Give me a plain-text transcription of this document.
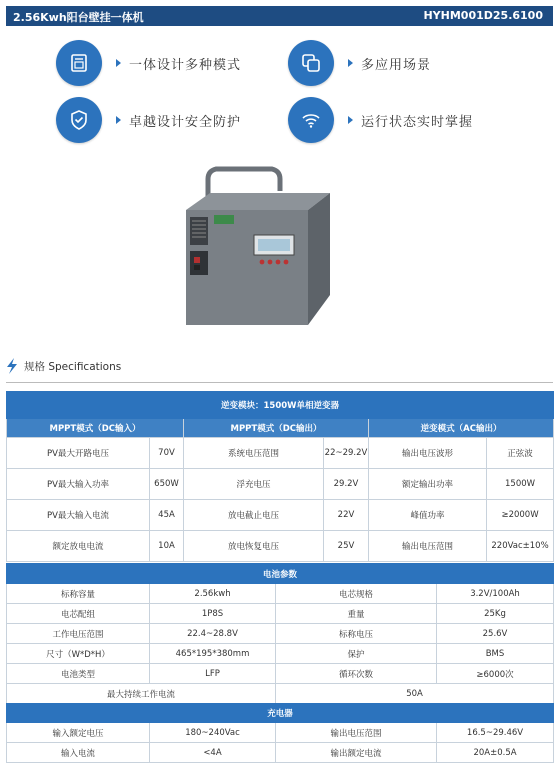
2.56Kwh阳台壁挂一体机	HYHM001D25.6100
一体设计多种模式	多应用场景
卓越设计安全防护	运行状态实时掌握
规格 Specifications
逆变模块：1500W单相逆变器					
MPPT模式（DC输入）		MPPT模式（DC输出）		逆变模式（AC输出）	
PV最大开路电压	70V	系统电压范围	22~29.2V	输出电压波形	正弦波
PV最大输入功率	650W	浮充电压	29.2V	额定输出功率	1500W
PV最大输入电流	45A	放电截止电压	22V	峰值功率	≥2000W
额定放电电流	10A	放电恢复电压	25V	输出电压范围	220Vac±10%
电池参数			
标称容量	2.56kwh	电芯规格	3.2V/100Ah
电芯配组	1P8S	重量	25Kg
工作电压范围	22.4~28.8V	标称电压	25.6V
尺寸（W*D*H）	465*195*380mm	保护	BMS
电池类型	LFP	循环次数	≥6000次
最大持续工作电流		50A	
充电器			
输入额定电压	180~240Vac	输出电压范围	16.5~29.46V
输入电流	<4A	输出额定电流	20A±0.5A
